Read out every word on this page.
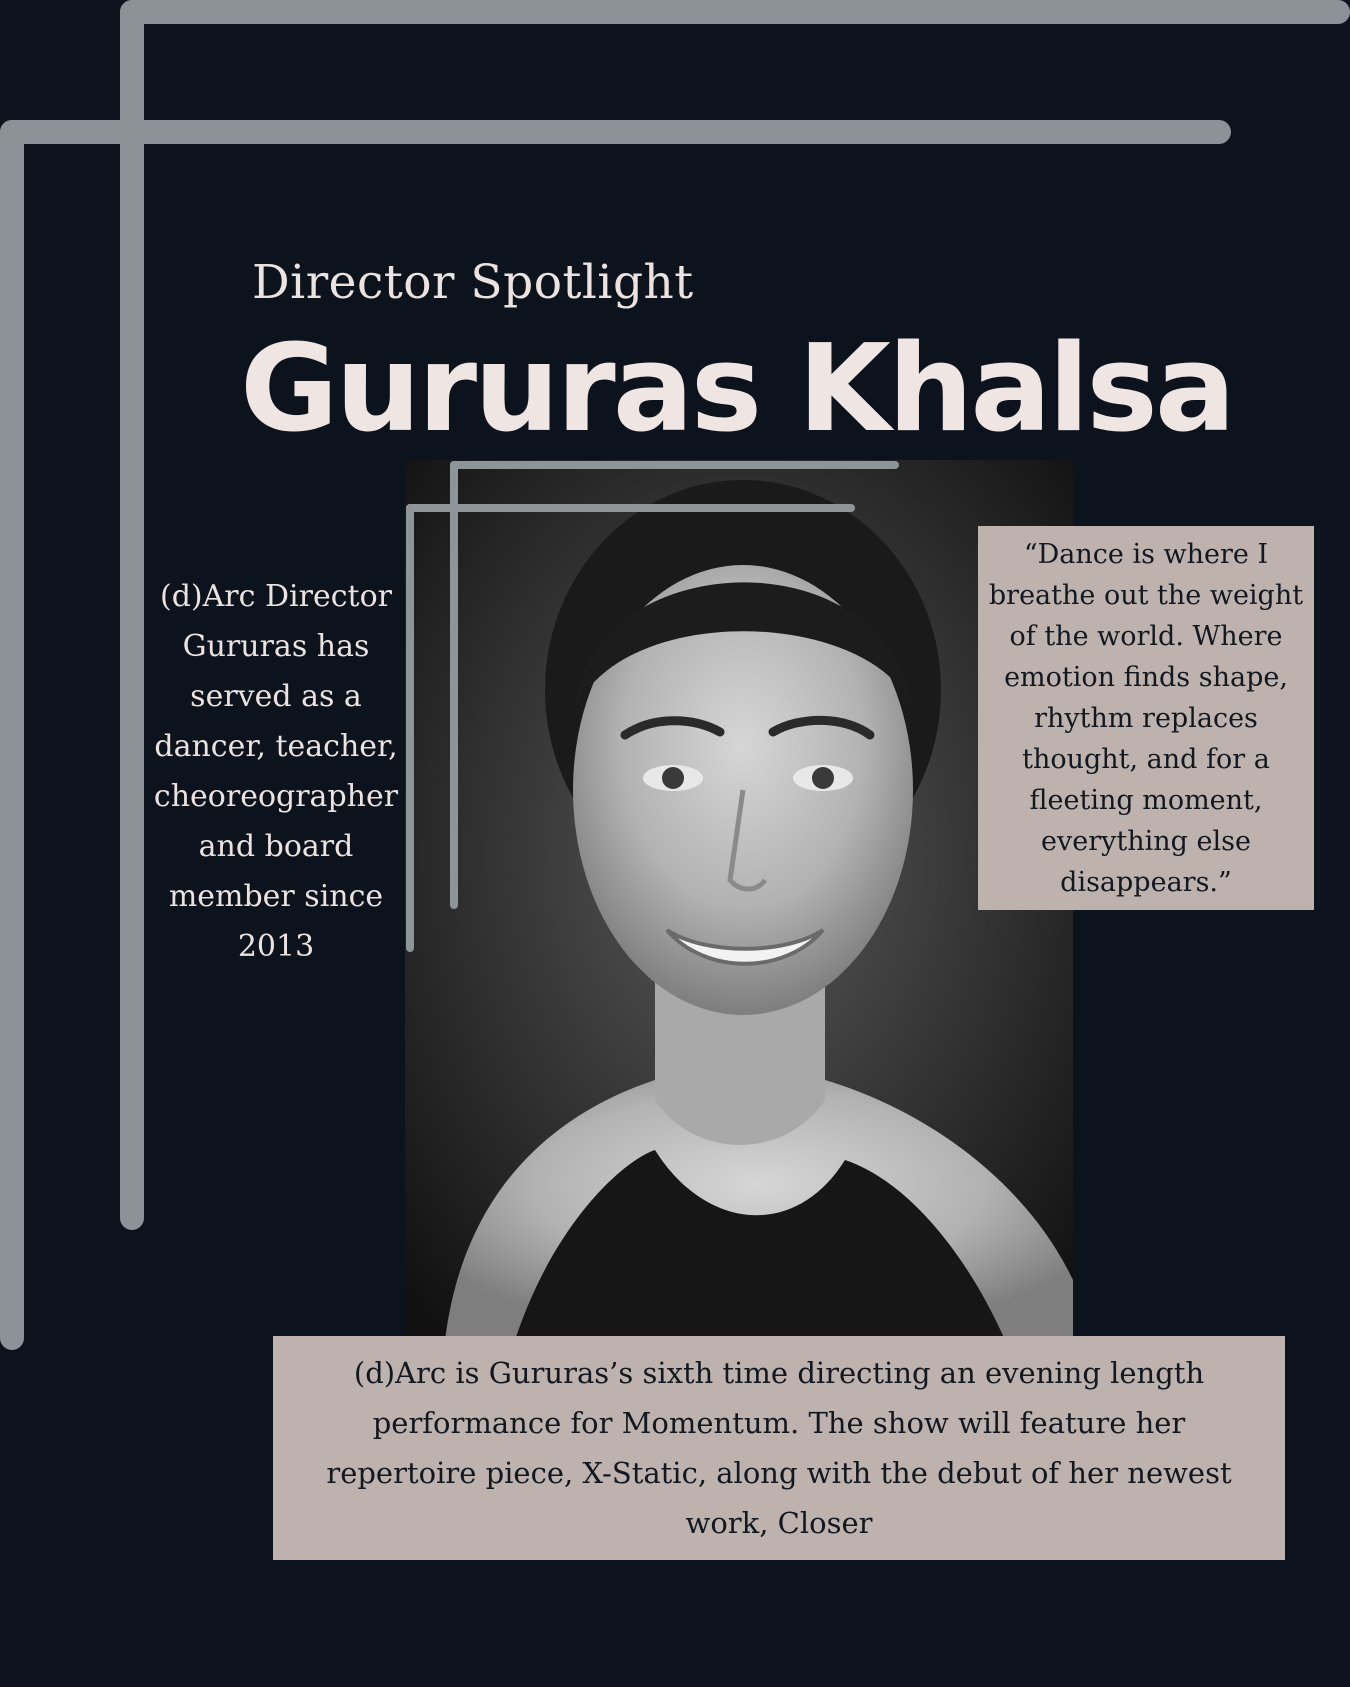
Director Spotlight
Gururas Khalsa
(d)Arc Director Gururas has served as a dancer, teacher, cheoreographer and board member since 2013
“Dance is where I breathe out the weight of the world. Where emotion finds shape, rhythm replaces thought, and for a fleeting moment, everything else disappears.”
(d)Arc is Gururas’s sixth time directing an evening length performance for Momentum. The show will feature her repertoire piece, X-Static, along with the debut of her newest work, Closer
